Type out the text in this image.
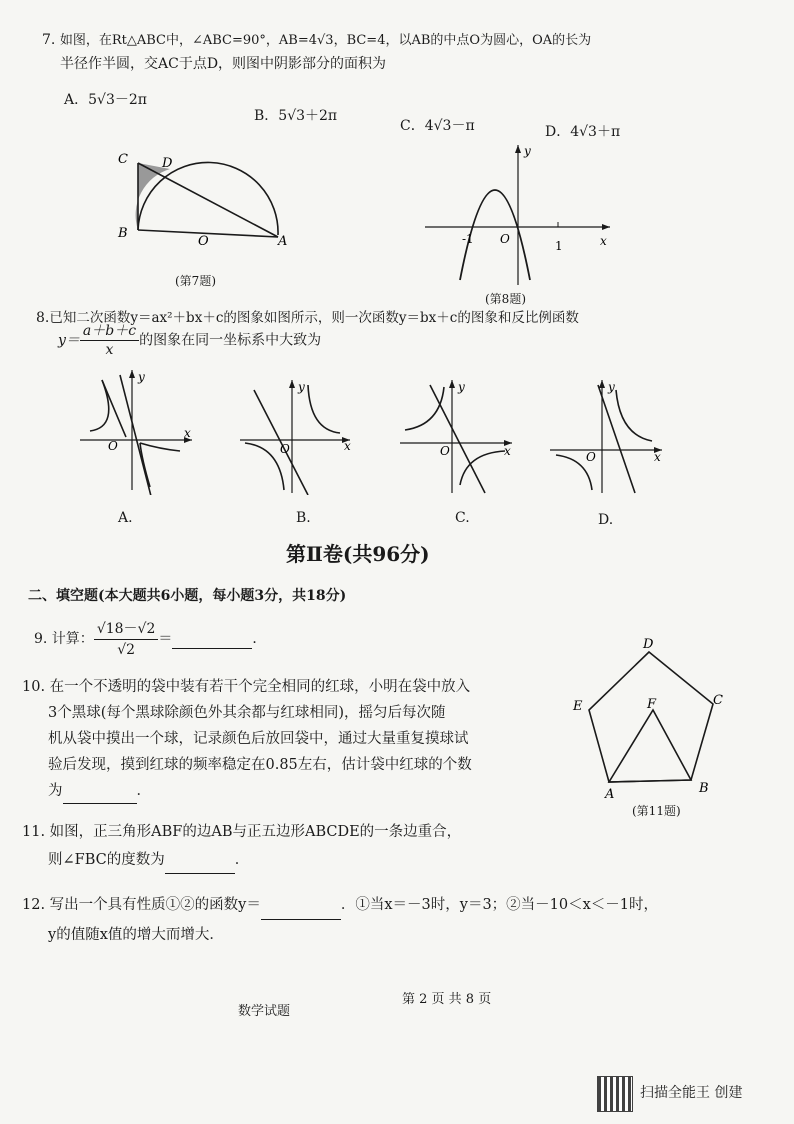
7. 如图，在Rt△ABC中，∠ABC=90°，AB=4√3，BC=4，以AB的中点O为圆心，OA的长为
半径作半圆，交AC于点D，则图中阴影部分的面积为
A．5√3－2π
B．5√3＋2π
C．4√3－π	D．4√3＋π
C	D
B
O	A
(第7题)
-1 O	1	x
y
(第8题)
8.已知二次函数y＝ax²＋bx＋c的图象如图所示，则一次函数y＝bx＋c的图象和反比例函数
$y= \frac{a+b+c}{x}$ 的图象在同一坐标系中大致为
y
x
O
A.
y
x
O
B.
y
x
O
C.
y
x
O
D.
第Ⅱ卷(共96分)
二、填空题(本大题共6小题，每小题3分，共18分)
9. 计算： $\frac{√18-√2}{√2}$ ＝	．
10. 在一个不透明的袋中装有若干个完全相同的红球，小明在袋中放入
3个黑球(每个黑球除颜色外其余都与红球相同)，摇匀后每次随
机从袋中摸出一个球，记录颜色后放回袋中，通过大量重复摸球试
验后发现，摸到红球的频率稳定在0.85左右，估计袋中红球的个数
为	．
D
E	C
F
A	B
(第11题)
11. 如图，正三角形ABF的边AB与正五边形ABCDE的一条边重合，
则∠FBC的度数为	．
12. 写出一个具有性质①②的函数y＝	．①当x＝－3时，y＝3；②当－10＜x＜－1时，
y的值随x值的增大而增大．
数学试题
第 2 页 共 8 页
扫描全能王 创建
